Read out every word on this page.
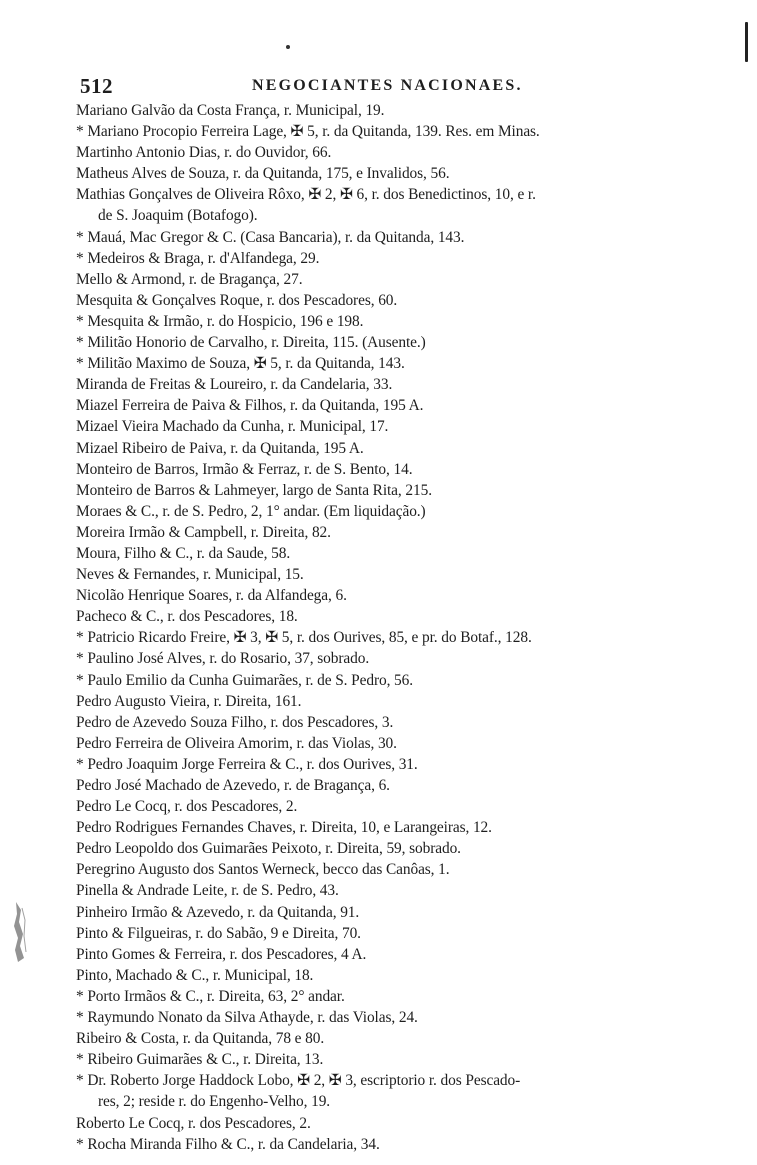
512	NEGOCIANTES NACIONAES.
Mariano Galvão da Costa França, r. Municipal, 19.
* Mariano Procopio Ferreira Lage, ✠ 5, r. da Quitanda, 139. Res. em Minas.
Martinho Antonio Dias, r. do Ouvidor, 66.
Matheus Alves de Souza, r. da Quitanda, 175, e Invalidos, 56.
Mathias Gonçalves de Oliveira Rôxo, ✠ 2, ✠ 6, r. dos Benedictinos, 10, e r.
de S. Joaquim (Botafogo).
* Mauá, Mac Gregor & C. (Casa Bancaria), r. da Quitanda, 143.
* Medeiros & Braga, r. d'Alfandega, 29.
Mello & Armond, r. de Bragança, 27.
Mesquita & Gonçalves Roque, r. dos Pescadores, 60.
* Mesquita & Irmão, r. do Hospicio, 196 e 198.
* Militão Honorio de Carvalho, r. Direita, 115. (Ausente.)
* Militão Maximo de Souza, ✠ 5, r. da Quitanda, 143.
Miranda de Freitas & Loureiro, r. da Candelaria, 33.
Miazel Ferreira de Paiva & Filhos, r. da Quitanda, 195 A.
Mizael Vieira Machado da Cunha, r. Municipal, 17.
Mizael Ribeiro de Paiva, r. da Quitanda, 195 A.
Monteiro de Barros, Irmão & Ferraz, r. de S. Bento, 14.
Monteiro de Barros & Lahmeyer, largo de Santa Rita, 215.
Moraes & C., r. de S. Pedro, 2, 1° andar. (Em liquidação.)
Moreira Irmão & Campbell, r. Direita, 82.
Moura, Filho & C., r. da Saude, 58.
Neves & Fernandes, r. Municipal, 15.
Nicolão Henrique Soares, r. da Alfandega, 6.
Pacheco & C., r. dos Pescadores, 18.
* Patricio Ricardo Freire, ✠ 3, ✠ 5, r. dos Ourives, 85, e pr. do Botaf., 128.
* Paulino José Alves, r. do Rosario, 37, sobrado.
* Paulo Emilio da Cunha Guimarães, r. de S. Pedro, 56.
Pedro Augusto Vieira, r. Direita, 161.
Pedro de Azevedo Souza Filho, r. dos Pescadores, 3.
Pedro Ferreira de Oliveira Amorim, r. das Violas, 30.
* Pedro Joaquim Jorge Ferreira & C., r. dos Ourives, 31.
Pedro José Machado de Azevedo, r. de Bragança, 6.
Pedro Le Cocq, r. dos Pescadores, 2.
Pedro Rodrigues Fernandes Chaves, r. Direita, 10, e Larangeiras, 12.
Pedro Leopoldo dos Guimarães Peixoto, r. Direita, 59, sobrado.
Peregrino Augusto dos Santos Werneck, becco das Canôas, 1.
Pinella & Andrade Leite, r. de S. Pedro, 43.
Pinheiro Irmão & Azevedo, r. da Quitanda, 91.
Pinto & Filgueiras, r. do Sabão, 9 e Direita, 70.
Pinto Gomes & Ferreira, r. dos Pescadores, 4 A.
Pinto, Machado & C., r. Municipal, 18.
* Porto Irmãos & C., r. Direita, 63, 2° andar.
* Raymundo Nonato da Silva Athayde, r. das Violas, 24.
Ribeiro & Costa, r. da Quitanda, 78 e 80.
* Ribeiro Guimarães & C., r. Direita, 13.
* Dr. Roberto Jorge Haddock Lobo, ✠ 2, ✠ 3, escriptorio r. dos Pescado-
res, 2; reside r. do Engenho-Velho, 19.
Roberto Le Cocq, r. dos Pescadores, 2.
* Rocha Miranda Filho & C., r. da Candelaria, 34.
